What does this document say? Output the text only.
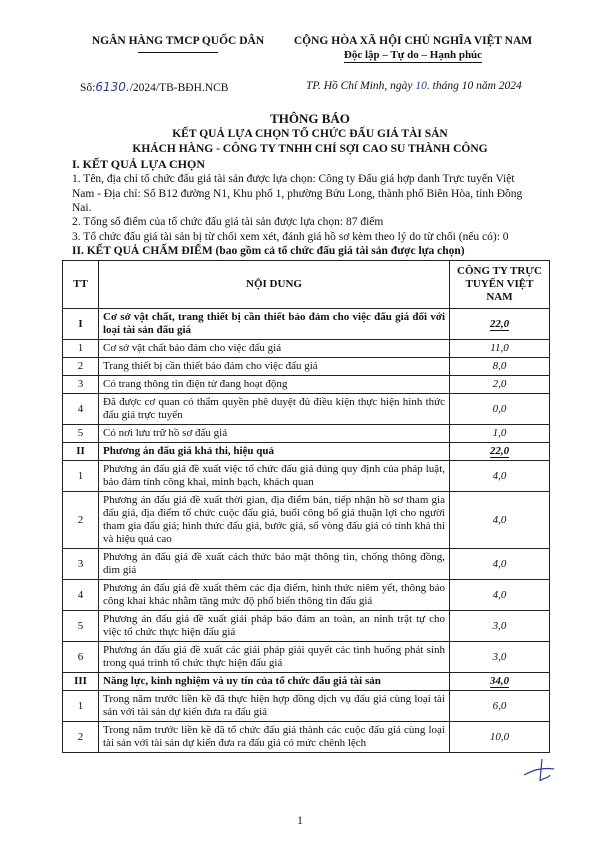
NGÂN HÀNG TMCP QUỐC DÂN	CỘNG HÒA XÃ HỘI CHỦ NGHĨA VIỆT NAM
Độc lập – Tự do – Hạnh phúc
Số:6130./2024/TB-BĐH.NCB	TP. Hồ Chí Minh, ngày 10. tháng 10 năm 2024
THÔNG BÁO
KẾT QUẢ LỰA CHỌN TỔ CHỨC ĐẤU GIÁ TÀI SẢN
KHÁCH HÀNG - CÔNG TY TNHH CHỈ SỢI CAO SU THÀNH CÔNG
I. KẾT QUẢ LỰA CHỌN
1. Tên, địa chỉ tổ chức đấu giá tài sản được lựa chọn: Công ty Đấu giá hợp danh Trực tuyến Việt Nam - Địa chỉ: Số B12 đường N1, Khu phố 1, phường Bửu Long, thành phố Biên Hòa, tỉnh Đồng Nai.
2. Tổng số điểm của tổ chức đấu giá tài sản được lựa chọn: 87 điểm
3. Tổ chức đấu giá tài sản bị từ chối xem xét, đánh giá hồ sơ kèm theo lý do từ chối (nếu có): 0
II. KẾT QUẢ CHẤM ĐIỂM (bao gồm cả tổ chức đấu giá tài sản được lựa chọn)
TT	NỘI DUNG	CÔNG TY TRỰC TUYẾN VIỆT NAM
I	Cơ sở vật chất, trang thiết bị cần thiết bảo đảm cho việc đấu giá đối với loại tài sản đấu giá	22,0
1	Cơ sở vật chất bảo đảm cho việc đấu giá	11,0
2	Trang thiết bị cần thiết bảo đảm cho việc đấu giá	8,0
3	Có trang thông tin điện tử đang hoạt động	2,0
4	Đã được cơ quan có thẩm quyền phê duyệt đủ điều kiện thực hiện hình thức đấu giá trực tuyến	0,0
5	Có nơi lưu trữ hồ sơ đấu giá	1,0
II	Phương án đấu giá khả thi, hiệu quả	22,0
1	Phương án đấu giá đề xuất việc tổ chức đấu giá đúng quy định của pháp luật, bảo đảm tính công khai, minh bạch, khách quan	4,0
2	Phương án đấu giá đề xuất thời gian, địa điểm bán, tiếp nhận hồ sơ tham gia đấu giá, địa điểm tổ chức cuộc đấu giá, buổi công bố giá thuận lợi cho người tham gia đấu giá; hình thức đấu giá, bước giá, số vòng đấu giá có tính khả thi và hiệu quả cao	4,0
3	Phương án đấu giá đề xuất cách thức bảo mật thông tin, chống thông đồng, dìm giá	4,0
4	Phương án đấu giá đề xuất thêm các địa điểm, hình thức niêm yết, thông báo công khai khác nhằm tăng mức độ phổ biến thông tin đấu giá	4,0
5	Phương án đấu giá đề xuất giải pháp bảo đảm an toàn, an ninh trật tự cho việc tổ chức thực hiện đấu giá	3,0
6	Phương án đấu giá đề xuất các giải pháp giải quyết các tình huống phát sinh trong quá trình tổ chức thực hiện đấu giá	3,0
III	Năng lực, kinh nghiệm và uy tín của tổ chức đấu giá tài sản	34,0
1	Trong năm trước liền kề đã thực hiện hợp đồng dịch vụ đấu giá cùng loại tài sản với tài sản dự kiến đưa ra đấu giá	6,0
2	Trong năm trước liền kề đã tổ chức đấu giá thành các cuộc đấu giá cùng loại tài sản với tài sản dự kiến đưa ra đấu giá có mức chênh lệch	10,0
1
